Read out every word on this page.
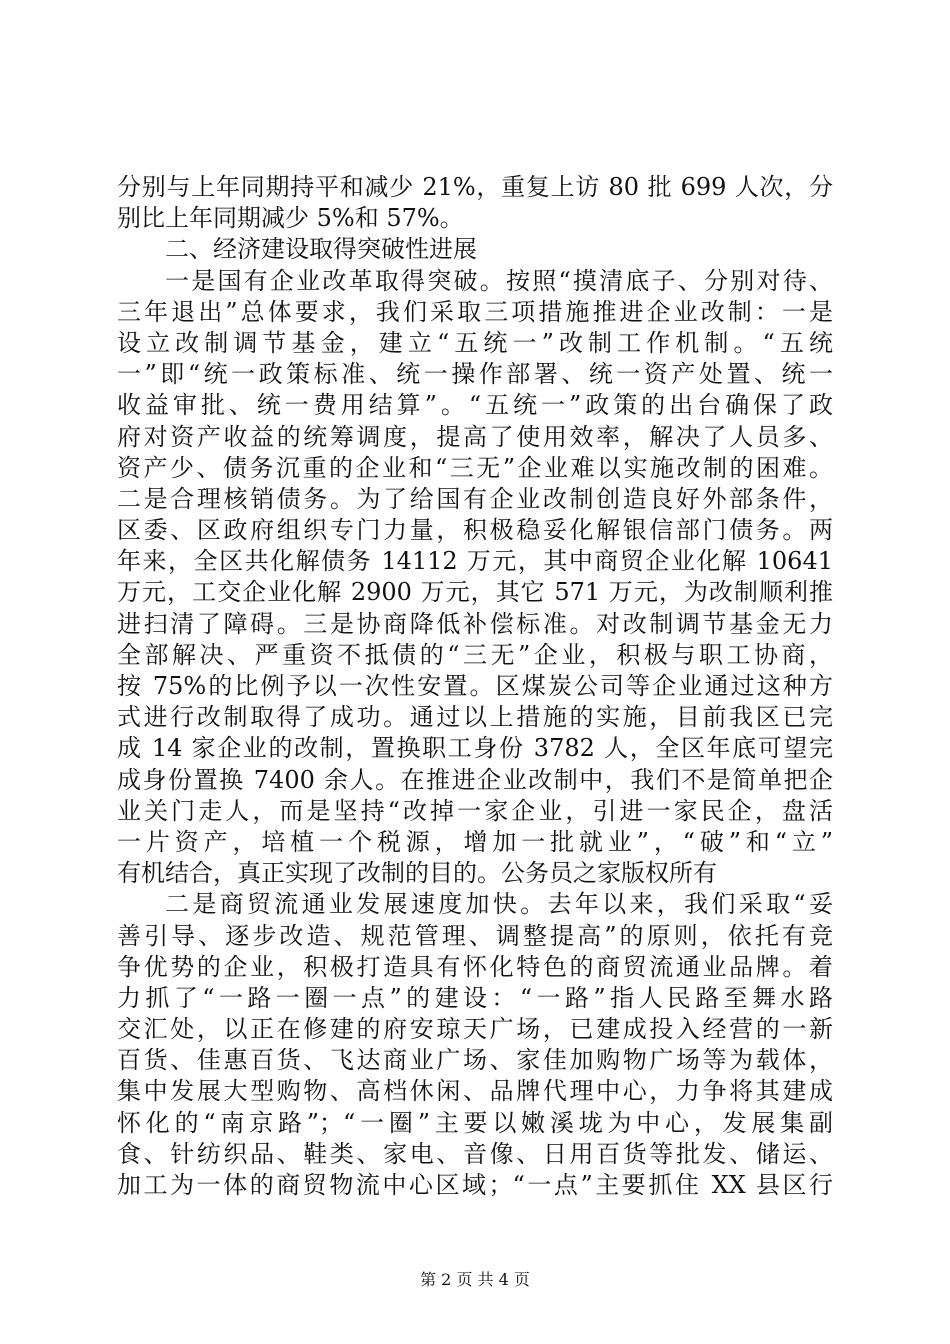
分别与上年同期持平和减少 21%，重复上访 80 批 699 人次，分
别比上年同期减少 5%和 57%。
二、经济建设取得突破性进展
一是国有企业改革取得突破。按照“摸清底子、分别对待、
三年退出”总体要求，我们采取三项措施推进企业改制：一是
设立改制调节基金，建立“五统一”改制工作机制。“五统
一”即“统一政策标准、统一操作部署、统一资产处置、统一
收益审批、统一费用结算”。“五统一”政策的出台确保了政
府对资产收益的统筹调度，提高了使用效率，解决了人员多、
资产少、债务沉重的企业和“三无”企业难以实施改制的困难。
二是合理核销债务。为了给国有企业改制创造良好外部条件，
区委、区政府组织专门力量，积极稳妥化解银信部门债务。两
年来，全区共化解债务 14112 万元，其中商贸企业化解 10641
万元，工交企业化解 2900 万元，其它 571 万元，为改制顺利推
进扫清了障碍。三是协商降低补偿标准。对改制调节基金无力
全部解决、严重资不抵债的“三无”企业，积极与职工协商，
按 75%的比例予以一次性安置。区煤炭公司等企业通过这种方
式进行改制取得了成功。通过以上措施的实施，目前我区已完
成 14 家企业的改制，置换职工身份 3782 人，全区年底可望完
成身份置换 7400 余人。在推进企业改制中，我们不是简单把企
业关门走人，而是坚持“改掉一家企业，引进一家民企，盘活
一片资产，培植一个税源，增加一批就业”，“破”和“立”
有机结合，真正实现了改制的目的。公务员之家版权所有
二是商贸流通业发展速度加快。去年以来，我们采取“妥
善引导、逐步改造、规范管理、调整提高”的原则，依托有竞
争优势的企业，积极打造具有怀化特色的商贸流通业品牌。着
力抓了“一路一圈一点”的建设：“一路”指人民路至舞水路
交汇处，以正在修建的府安琼天广场，已建成投入经营的一新
百货、佳惠百货、飞达商业广场、家佳加购物广场等为载体，
集中发展大型购物、高档休闲、品牌代理中心，力争将其建成
怀化的“南京路”；“一圈”主要以嫩溪垅为中心，发展集副
食、针纺织品、鞋类、家电、音像、日用百货等批发、储运、
加工为一体的商贸物流中心区域；“一点”主要抓住 XX 县区行
第 2 页 共 4 页
